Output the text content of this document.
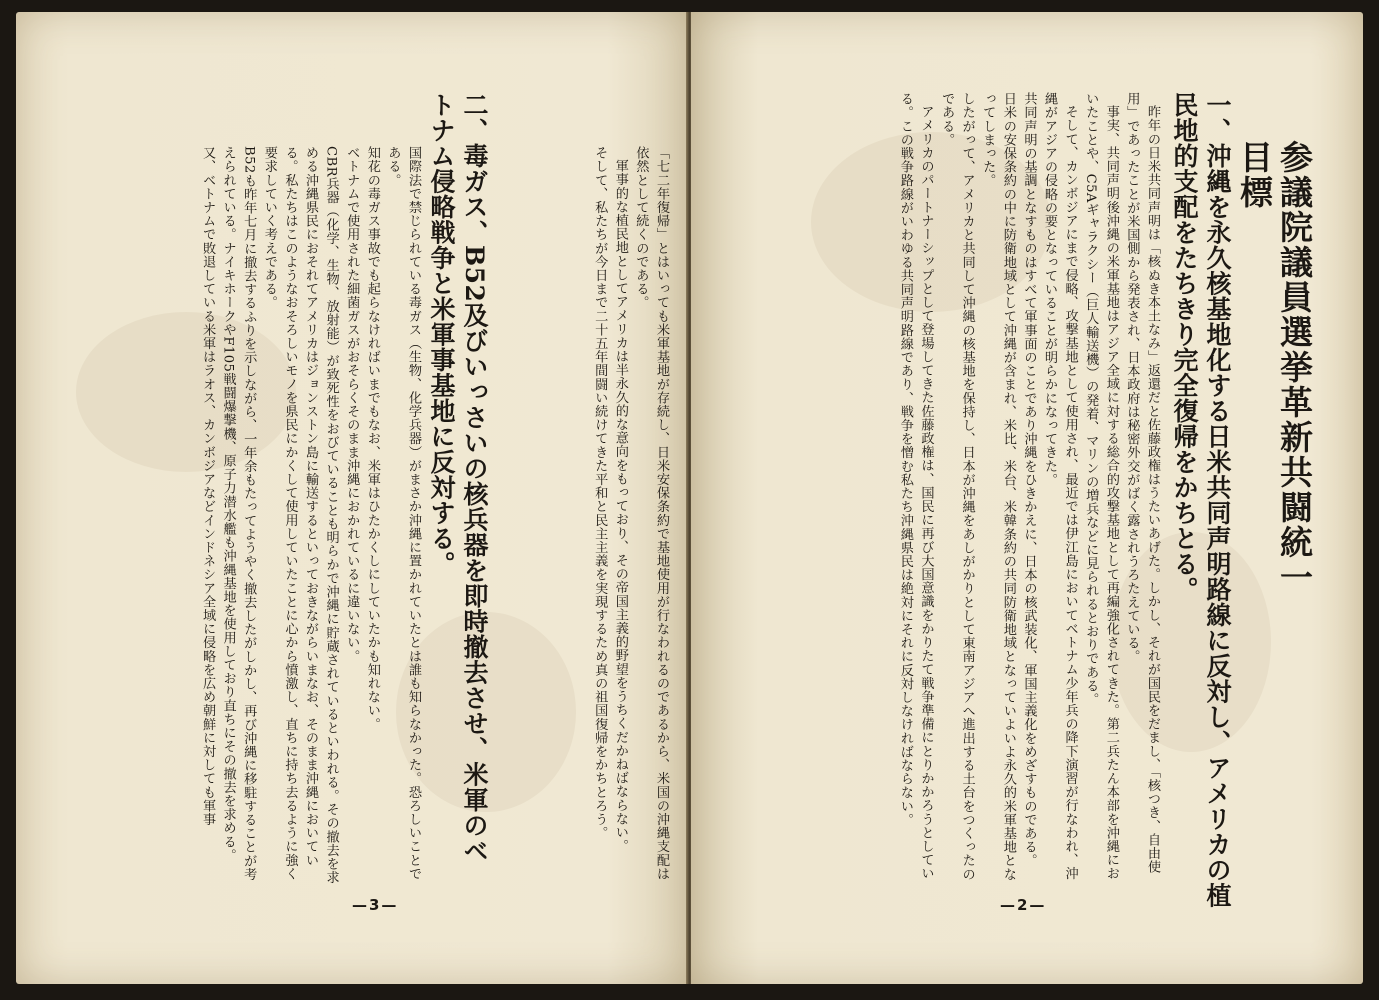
参議院議員選挙革新共闘統一目標
一、沖縄を永久核基地化する日米共同声明路線に反対し、アメリカの植民地的支配をたちきり完全復帰をかちとる。

昨年の日米共同声明は「核ぬき本土なみ」返還だと佐藤政権はうたいあげた。しかし、それが国民をだまし、「核つき、自由使用」であったことが米国側から発表され、日本政府は秘密外交がばく露されうろたえている。

事実、共同声明後沖縄の米軍基地はアジア全域に対する総合的攻撃基地として再編強化されてきた。第二兵たん本部を沖縄においたことや、C5Aギャラクシー（巨人輸送機）の発着、マリンの増兵などに見られるとおりである。

そして、カンボジアにまで侵略、攻撃基地として使用され、最近では伊江島においてベトナム少年兵の降下演習が行なわれ、沖縄がアジアの侵略の要となっていることが明らかになってきた。

共同声明の基調となすものはすべて軍事面のことであり沖縄をひきかえに、日本の核武装化、軍国主義化をめざすものである。

日米の安保条約の中に防衛地域として沖縄が含まれ、米比、米台、米韓条約の共同防衛地域となっていよいよ永久的米軍基地となってしまった。

したがって、アメリカと共同して沖縄の核基地を保持し、日本が沖縄をあしがかりとして東南アジアへ進出する土台をつくったのである。

アメリカのパートナーシップとして登場してきた佐藤政権は、国民に再び大国意識をかりたて戦争準備にとりかかろうとしている。この戦争路線がいわゆる共同声明路線であり、戦争を憎む私たち沖縄県民は絶対にそれに反対しなければならない。

—2—

「七二年復帰」とはいっても米軍基地が存続し、日米安保条約で基地使用が行なわれるのであるから、米国の沖縄支配は依然として続くのである。

軍事的な植民地としてアメリカは半永久的な意向をもっており、その帝国主義的野望をうちくだかねばならない。

そして、私たちが今日まで二十五年間闘い続けてきた平和と民主主義を実現するため真の祖国復帰をかちとろう。

二、毒ガス、B52及びいっさいの核兵器を即時撤去させ、米軍のベトナム侵略戦争と米軍事基地に反対する。

国際法で禁じられている毒ガス（生物、化学兵器）がまさか沖縄に置かれていたとは誰も知らなかった。恐ろしいことである。

知花の毒ガス事故でも起らなければいまでもなお、米軍はひたかくしにしていたかも知れない。

ベトナムで使用された細菌ガスがおそらくそのまま沖縄におかれているに違いない。

CBR兵器（化学、生物、放射能）が致死性をおびていることも明らかで沖縄に貯蔵されているといわれる。その撤去を求める沖縄県民におそれてアメリカはジョンストン島に輸送するといっておきながらいまなお、そのまま沖縄においている。私たちはこのようなおそろしいモノを県民にかくして使用していたことに心から憤激し、直ちに持ち去るように強く要求していく考えである。

B52も昨年七月に撤去するふりを示しながら、一年余もたってようやく撤去したがしかし、再び沖縄に移駐することが考えられている。ナイキホークやF105戦闘爆撃機、原子力潜水艦も沖縄基地を使用しており直ちにその撤去を求める。

又、ベトナムで敗退している米軍はラオス、カンボジアなどインドネシア全域に侵略を広め朝鮮に対しても軍事

—3—
